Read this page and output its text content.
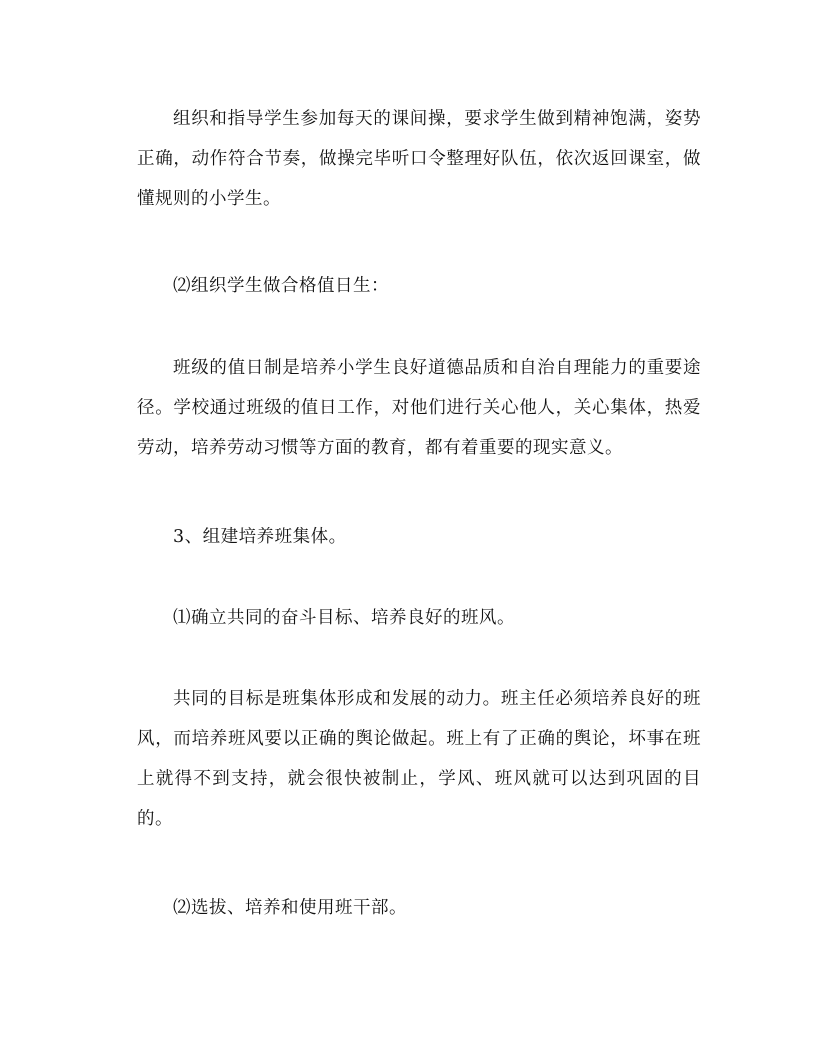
组织和指导学生参加每天的课间操，要求学生做到精神饱满，姿势正确，动作符合节奏，做操完毕听口令整理好队伍，依次返回课室，做懂规则的小学生。

⑵组织学生做合格值日生：

班级的值日制是培养小学生良好道德品质和自治自理能力的重要途径。学校通过班级的值日工作，对他们进行关心他人，关心集体，热爱劳动，培养劳动习惯等方面的教育，都有着重要的现实意义。

3、组建培养班集体。

⑴确立共同的奋斗目标、培养良好的班风。

共同的目标是班集体形成和发展的动力。班主任必须培养良好的班风，而培养班风要以正确的舆论做起。班上有了正确的舆论，坏事在班上就得不到支持，就会很快被制止，学风、班风就可以达到巩固的目的。

⑵选拔、培养和使用班干部。
